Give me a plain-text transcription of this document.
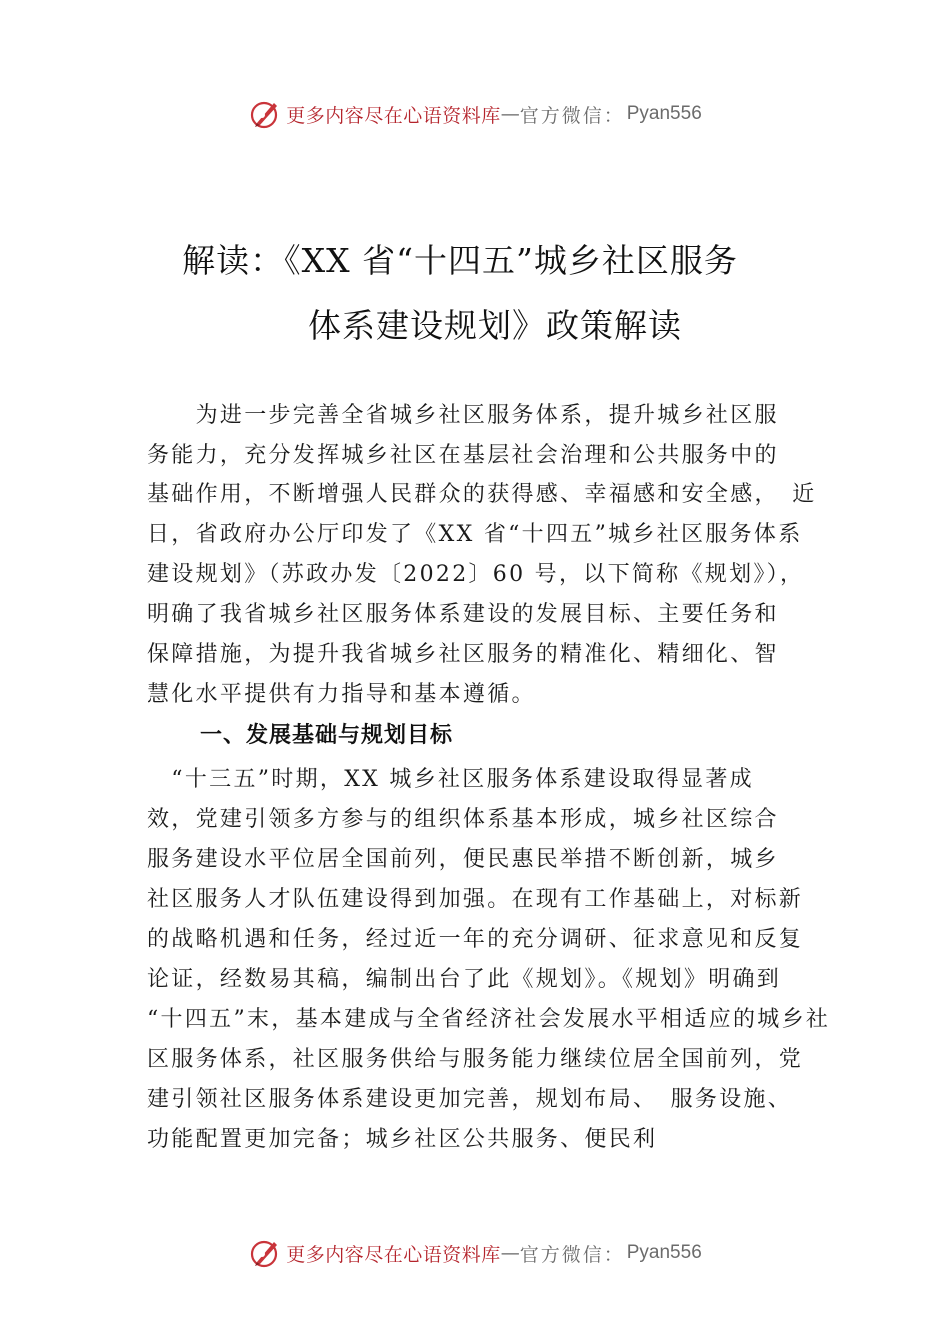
更多内容尽在心语资料库 — 官方微信： Pyan556
解读：《XX 省“十四五”城乡社区服务
体系建设规划》政策解读
　　为进一步完善全省城乡社区服务体系，提升城乡社区服
务能力，充分发挥城乡社区在基层社会治理和公共服务中的
基础作用，不断增强人民群众的获得感、幸福感和安全感，　近
日，省政府办公厅印发了《XX 省“十四五”城乡社区服务体系
建设规划》（苏政办发〔2022〕60 号，以下简称《规划》），
明确了我省城乡社区服务体系建设的发展目标、主要任务和
保障措施，为提升我省城乡社区服务的精准化、精细化、智
慧化水平提供有力指导和基本遵循。
一、发展基础与规划目标
　“十三五”时期，XX 城乡社区服务体系建设取得显著成
效，党建引领多方参与的组织体系基本形成，城乡社区综合
服务建设水平位居全国前列，便民惠民举措不断创新，城乡
社区服务人才队伍建设得到加强。在现有工作基础上，对标新
的战略机遇和任务，经过近一年的充分调研、征求意见和反复
论证，经数易其稿，编制出台了此《规划》。《规划》明确到
“十四五”末，基本建成与全省经济社会发展水平相适应的城乡社
区服务体系，社区服务供给与服务能力继续位居全国前列，党
建引领社区服务体系建设更加完善，规划布局、　服务设施、
功能配置更加完备；城乡社区公共服务、便民利
更多内容尽在心语资料库 — 官方微信： Pyan556
